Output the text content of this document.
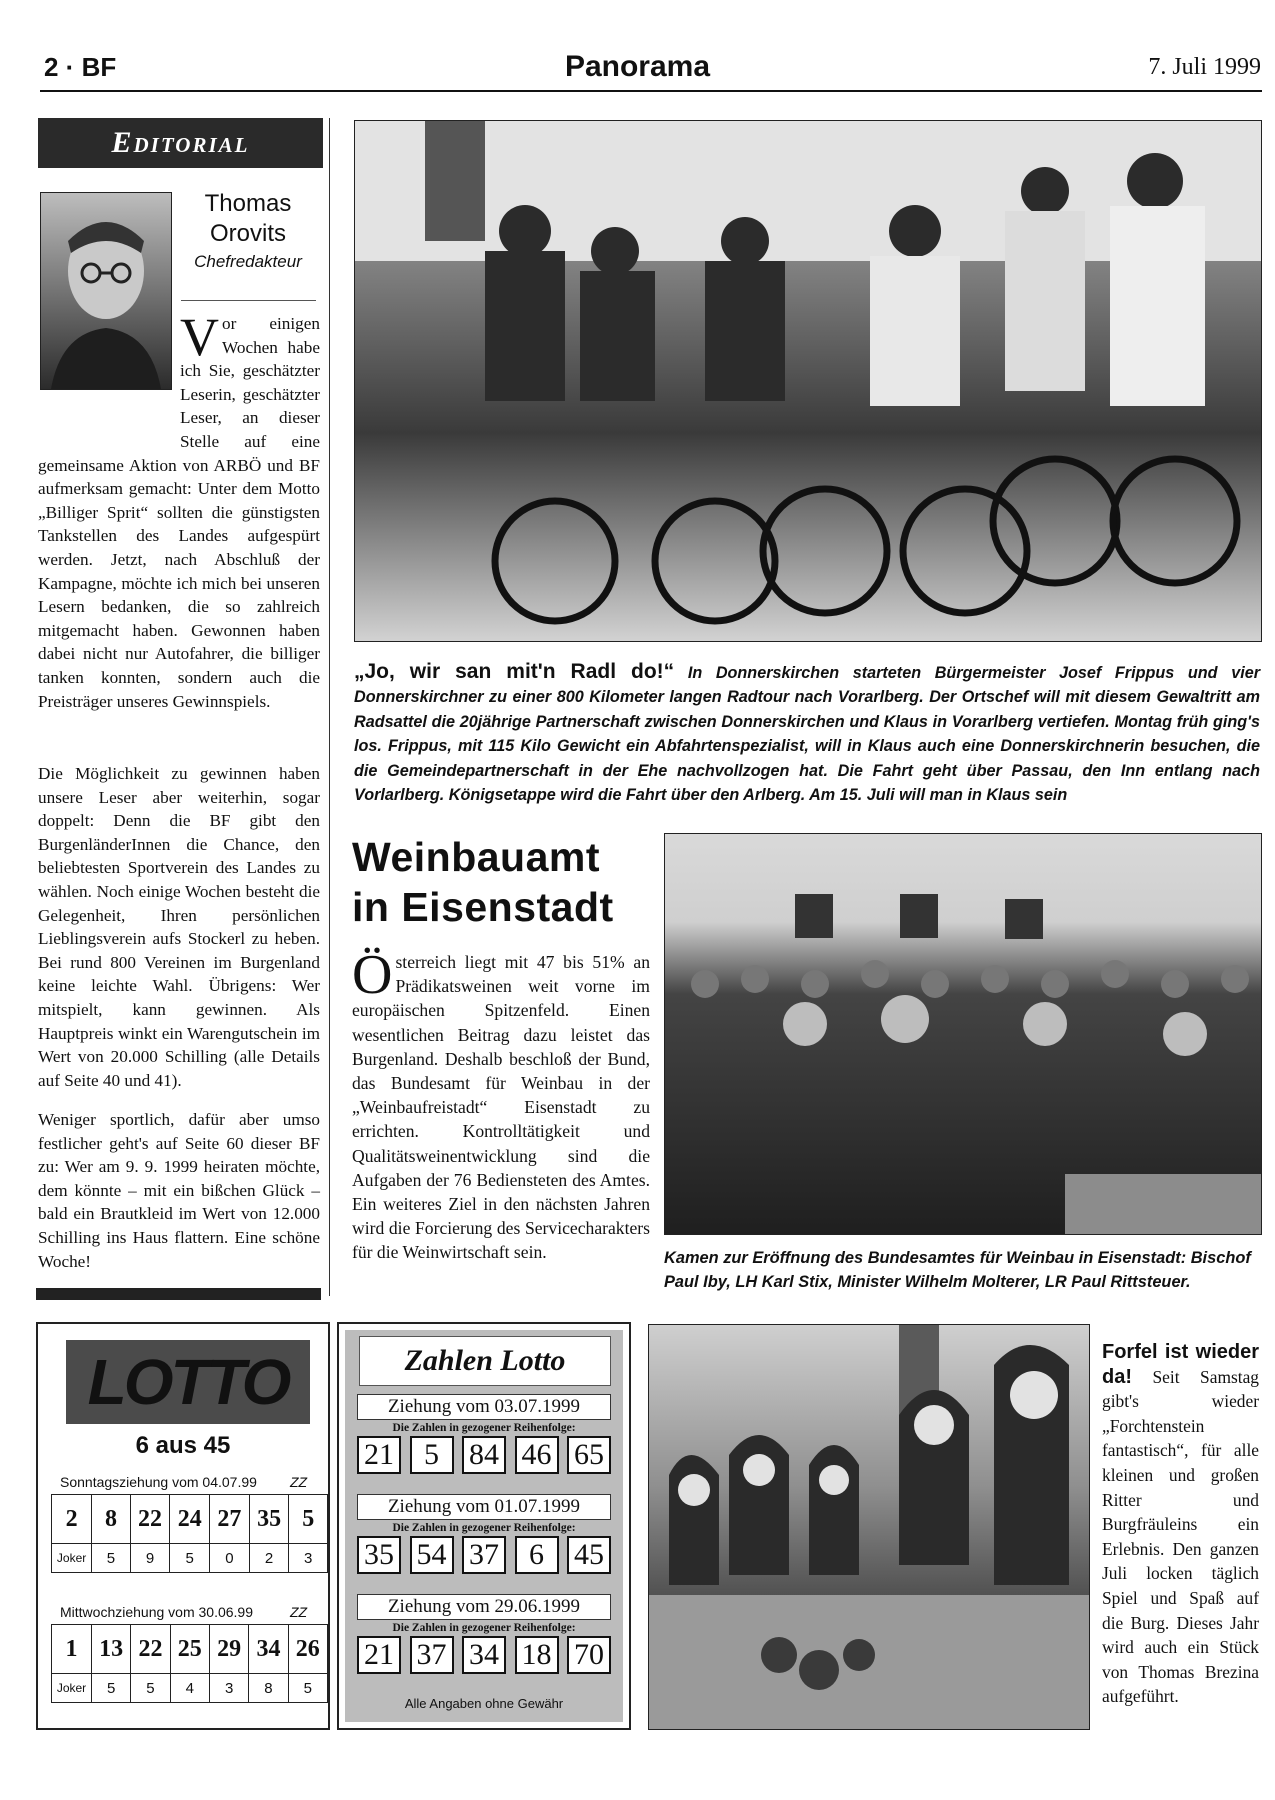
2 · BF	Panorama	7. Juli 1999
Editorial
Thomas
Orovits
Chefredakteur
V or einigen Wochen habe ich Sie, geschätzter Leserin, geschätzter Leser, an dieser Stelle auf eine gemeinsame Aktion von ARBÖ und BF aufmerksam gemacht: Unter dem Motto „Billiger Sprit“ sollten die günstigsten Tankstellen des Landes aufgespürt werden. Jetzt, nach Abschluß der Kampagne, möchte ich mich bei unseren Lesern bedanken, die so zahlreich mitgemacht haben. Gewonnen haben dabei nicht nur Autofahrer, die billiger tanken konnten, sondern auch die Preisträger unseres Gewinnspiels.
Die Möglichkeit zu gewinnen haben unsere Leser aber weiterhin, sogar doppelt: Denn die BF gibt den BurgenländerInnen die Chance, den beliebtesten Sportverein des Landes zu wählen. Noch einige Wochen besteht die Gelegenheit, Ihren persönlichen Lieblingsverein aufs Stockerl zu heben. Bei rund 800 Vereinen im Burgenland keine leichte Wahl. Übrigens: Wer mitspielt, kann gewinnen. Als Hauptpreis winkt ein Warengutschein im Wert von 20.000 Schilling (alle Details auf Seite 40 und 41).
Weniger sportlich, dafür aber umso festlicher geht's auf Seite 60 dieser BF zu: Wer am 9. 9. 1999 heiraten möchte, dem könnte – mit ein bißchen Glück – bald ein Brautkleid im Wert von 12.000 Schilling ins Haus flattern. Eine schöne Woche!
„Jo, wir san mit'n Radl do!“ In Donnerskirchen starteten Bürgermeister Josef Frippus und vier Donnerskirchner zu einer 800 Kilometer langen Radtour nach Vorarlberg. Der Ortschef will mit diesem Gewaltritt am Radsattel die 20jährige Partnerschaft zwischen Donnerskirchen und Klaus in Vorarlberg vertiefen. Montag früh ging's los. Frippus, mit 115 Kilo Gewicht ein Abfahrtenspezialist, will in Klaus auch eine Donnerskirchnerin besuchen, die die Gemeindepartnerschaft in der Ehe nachvollzogen hat. Die Fahrt geht über Passau, den Inn entlang nach Vorlarlberg. Königsetappe wird die Fahrt über den Arlberg. Am 15. Juli will man in Klaus sein
Weinbauamt
in Eisenstadt
Ö sterreich liegt mit 47 bis 51% an Prädikatsweinen weit vorne im europäischen Spitzenfeld. Einen wesentlichen Beitrag dazu leistet das Burgenland. Deshalb beschloß der Bund, das Bundesamt für Weinbau in der „Weinbaufreistadt“ Eisenstadt zu errichten. Kontrolltätigkeit und Qualitätsweinentwicklung sind die Aufgaben der 76 Bediensteten des Amtes. Ein weiteres Ziel in den nächsten Jahren wird die Forcierung des Servicecharakters für die Weinwirtschaft sein.	Kamen zur Eröffnung des Bundesamtes für Weinbau in Eisenstadt: Bischof Paul Iby, LH Karl Stix, Minister Wilhelm Molterer, LR Paul Rittsteuer.
LOTTO
6 aus 45
Sonntagsziehung vom 04.07.99 ZZ
2	8	22	24	27	35	5
Joker	5	9	5	0	2	3
Mittwochziehung vom 30.06.99	ZZ
1	13	22	25	29	34	26
Joker	5	5	4	3	8	5
Zahlen Lotto
Ziehung vom 03.07.1999
Die Zahlen in gezogener Reihenfolge:
21	5	84 46 65
Ziehung vom 01.07.1999
Die Zahlen in gezogener Reihenfolge:
35 54 37	6	45
Ziehung vom 29.06.1999
Die Zahlen in gezogener Reihenfolge:
21 37 34 18 70
Alle Angaben ohne Gewähr
Forfel ist wieder da! Seit Samstag gibt's wieder „Forchtenstein fantastisch“, für alle kleinen und großen Ritter und Burgfräuleins ein Erlebnis. Den ganzen Juli locken täglich Spiel und Spaß auf die Burg. Dieses Jahr wird auch ein Stück von Thomas Brezina aufgeführt.
